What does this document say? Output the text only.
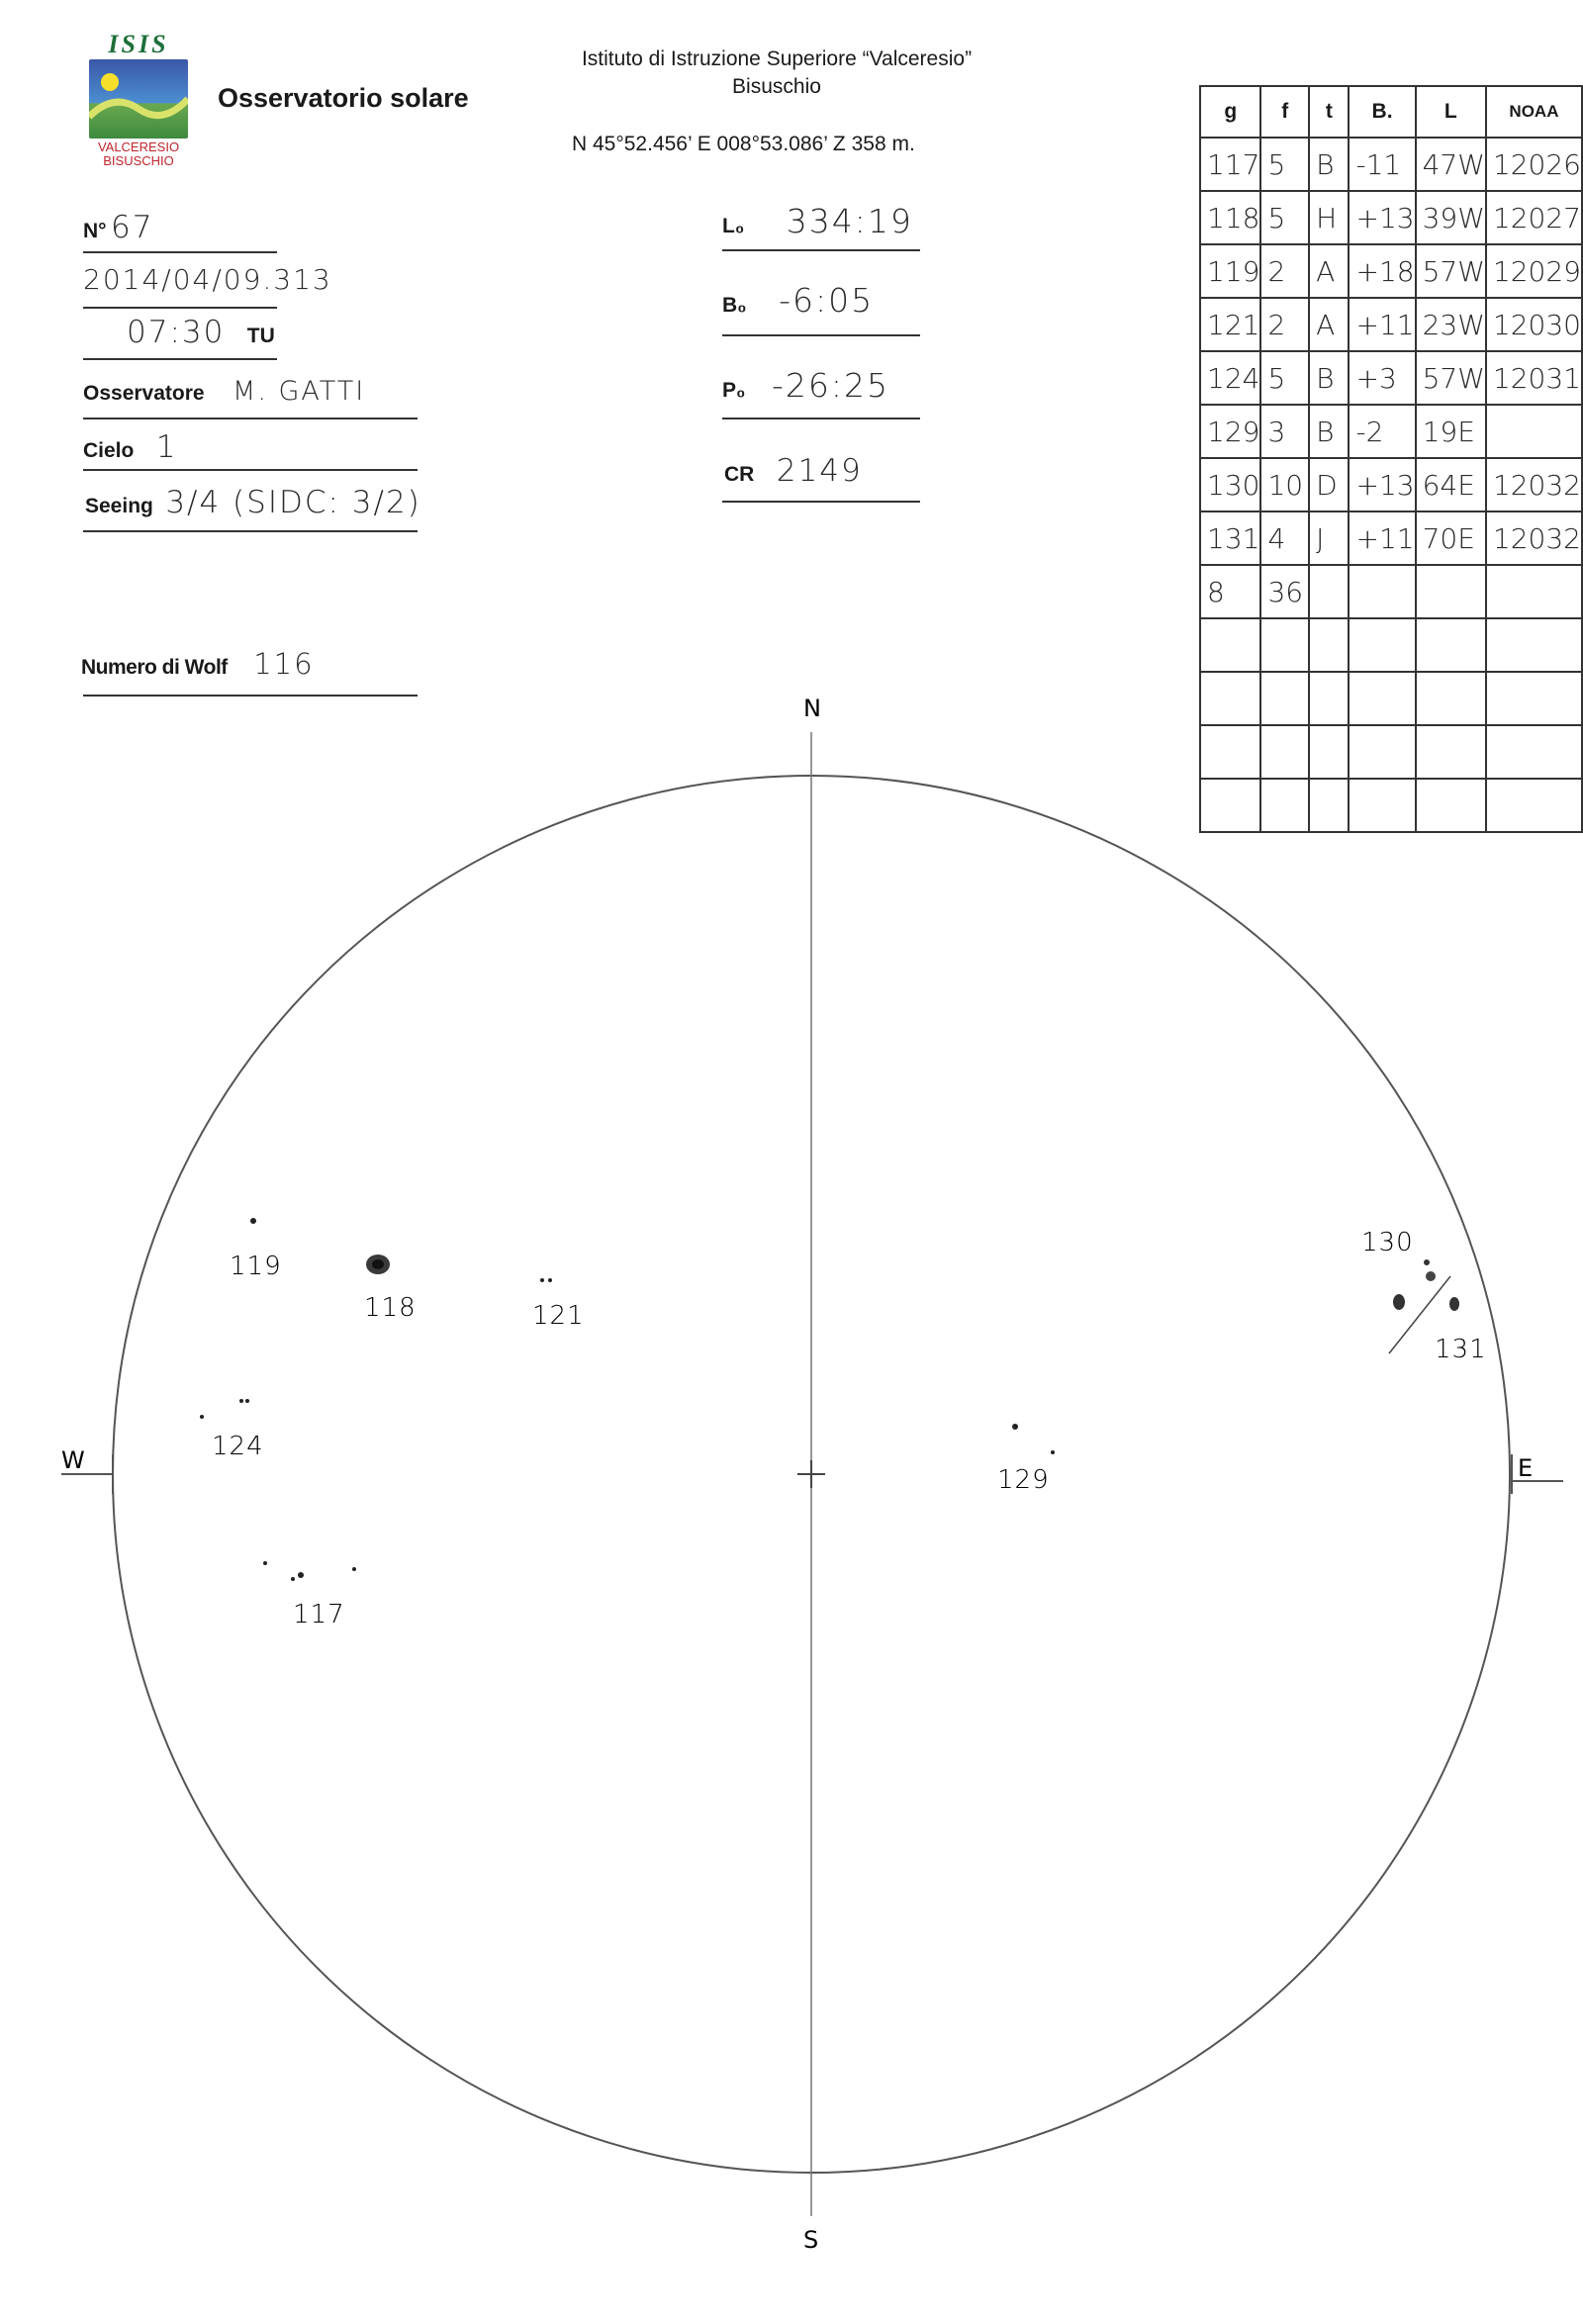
ISIS
VALCERESIO
BISUSCHIO
Osservatorio solare
Istituto di Istruzione Superiore “Valceresio”
Bisuschio
N 45°52.456’ E 008°53.086’ Z 358 m.
N° 67
2014/04/09.313
07:30 TU
Osservatore M. GATTI
Cielo 1
Seeing 3/4 (SIDC: 3/2)
Numero di Wolf 116
L₀ 334:19
B₀ -6:05
P₀ -26:25
CR 2149
g	f	t	B.	L	NOAA
117	5	B	-11	47W	12026
118	5	H	+13	39W	12027
119	2	A	+18	57W	12029
121	2	A	+11	23W	12030
124	5	B	+3	57W	12031
129	3	B	-2	19E	
130	10	D	+13	64E	12032
131	4	J	+11	70E	12032
8	36				

N
S
W	E
119
118	121
124
117
129
130
131
